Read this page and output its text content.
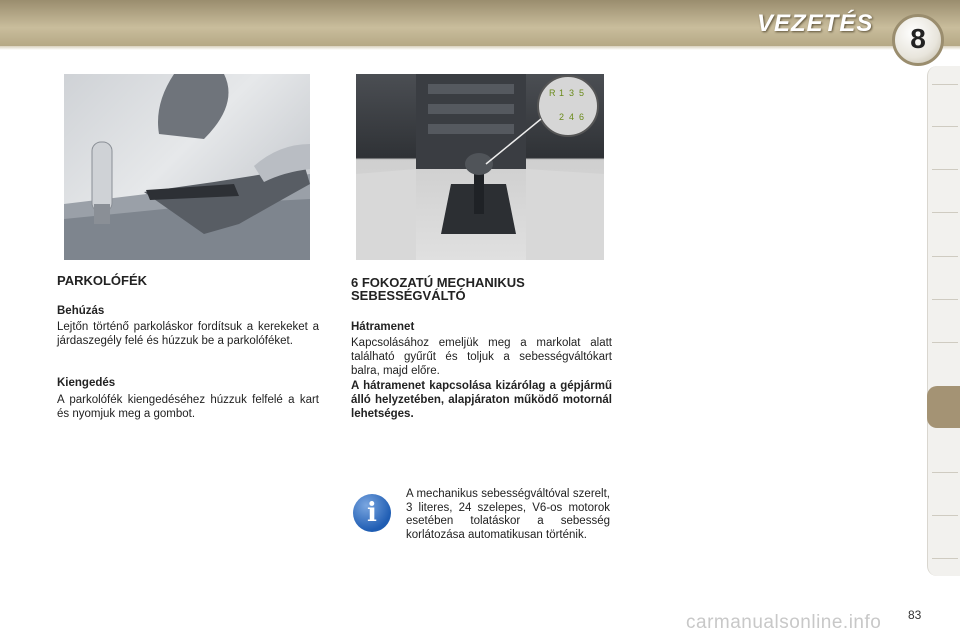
VEZETÉS	8
R 1 3 5
2 4 6
PARKOLÓFÉK
Behúzás

Lejtőn történő parkoláskor fordítsuk a kerekeket a járdaszegély felé és húzzuk be a parkolóféket.

Kiengedés

A parkolófék kiengedéséhez húzzuk felfelé a kart és nyomjuk meg a gombot.

6 FOKOZATÚ MECHANIKUS
SEBESSÉGVÁLTÓ
Hátramenet

Kapcsolásához emeljük meg a markolat alatt található gyűrűt és toljuk a sebességváltókart balra, majd előre.

A hátramenet kapcsolása kizárólag a gépjármű álló helyzetében, alapjáraton működő motornál lehetséges.

i
A mechanikus sebességváltóval szerelt, 3 literes, 24 szelepes, V6-os motorok esetében tolatáskor a sebesség korlátozása automatikusan történik.
carmanualsonline.info 83
